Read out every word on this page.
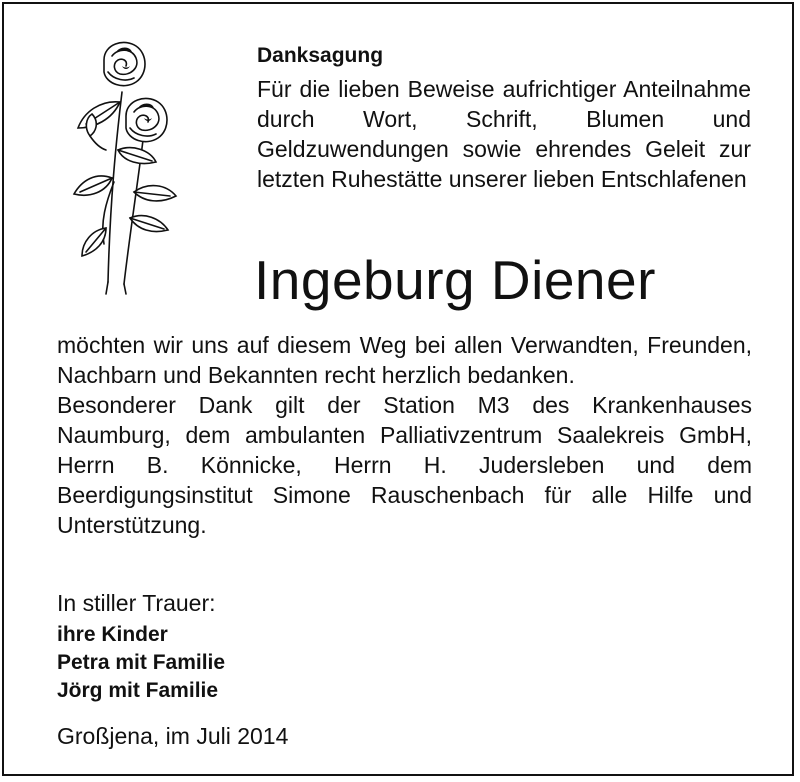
Danksagung

Für die lieben Beweise aufrichtiger Anteilnahme durch Wort, Schrift, Blumen und Geldzuwendungen sowie ehrendes Geleit zur letzten Ruhestätte unserer lieben Entschlafenen

Ingeburg Diener

möchten wir uns auf diesem Weg bei allen Verwandten, Freunden, Nachbarn und Bekannten recht herzlich bedanken.

Besonderer Dank gilt der Station M3 des Krankenhauses Naumburg, dem ambulanten Palliativzentrum Saalekreis GmbH, Herrn B. Könnicke, Herrn H. Judersleben und dem Beerdigungsinstitut Simone Rauschenbach für alle Hilfe und Unterstützung.

In stiller Trauer:
ihre Kinder
Petra mit Familie
Jörg mit Familie
Großjena, im Juli 2014
